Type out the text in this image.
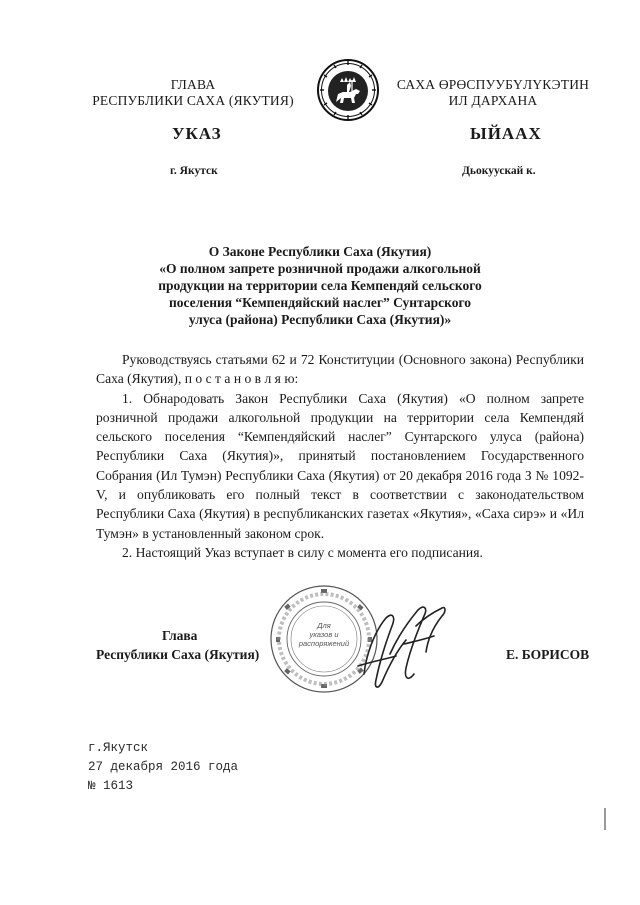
ГЛАВА
РЕСПУБЛИКИ САХА (ЯКУТИЯ)
САХА ӨРӨСПУУБҮЛҮКЭТИН
ИЛ ДАРХАНА
УКАЗ	ЫЙААХ
г. Якутск	Дьокуускай к.
О Законе Республики Саха (Якутия)
«О полном запрете розничной продажи алкогольной
продукции на территории села Кемпендяй сельского
поселения “Кемпендяйский наслег” Сунтарского
улуса (района) Республики Саха (Якутия)»

Руководствуясь статьями 62 и 72 Конституции (Основного закона) Республики Саха (Якутия), п о с т а н о в л я ю:

1. Обнародовать Закон Республики Саха (Якутия) «О полном запрете розничной продажи алкогольной продукции на территории села Кемпендяй сельского поселения “Кемпендяйский наслег” Сунтарского улуса (района) Республики Саха (Якутия)», принятый постановлением Государственного Собрания (Ил Тумэн) Республики Саха (Якутия) от 20 декабря 2016 года З № 1092-V, и опубликовать его полный текст в соответствии с законодательством Республики Саха (Якутия) в республиканских газетах «Якутия», «Саха сирэ» и «Ил Тумэн» в установленный законом срок.

2. Настоящий Указ вступает в силу с момента его подписания.

Для
указов и
распоряжений
Глава
Республики Саха (Якутия)	Е. БОРИСОВ
г.Якутск
27 декабря 2016 года
№ 1613
